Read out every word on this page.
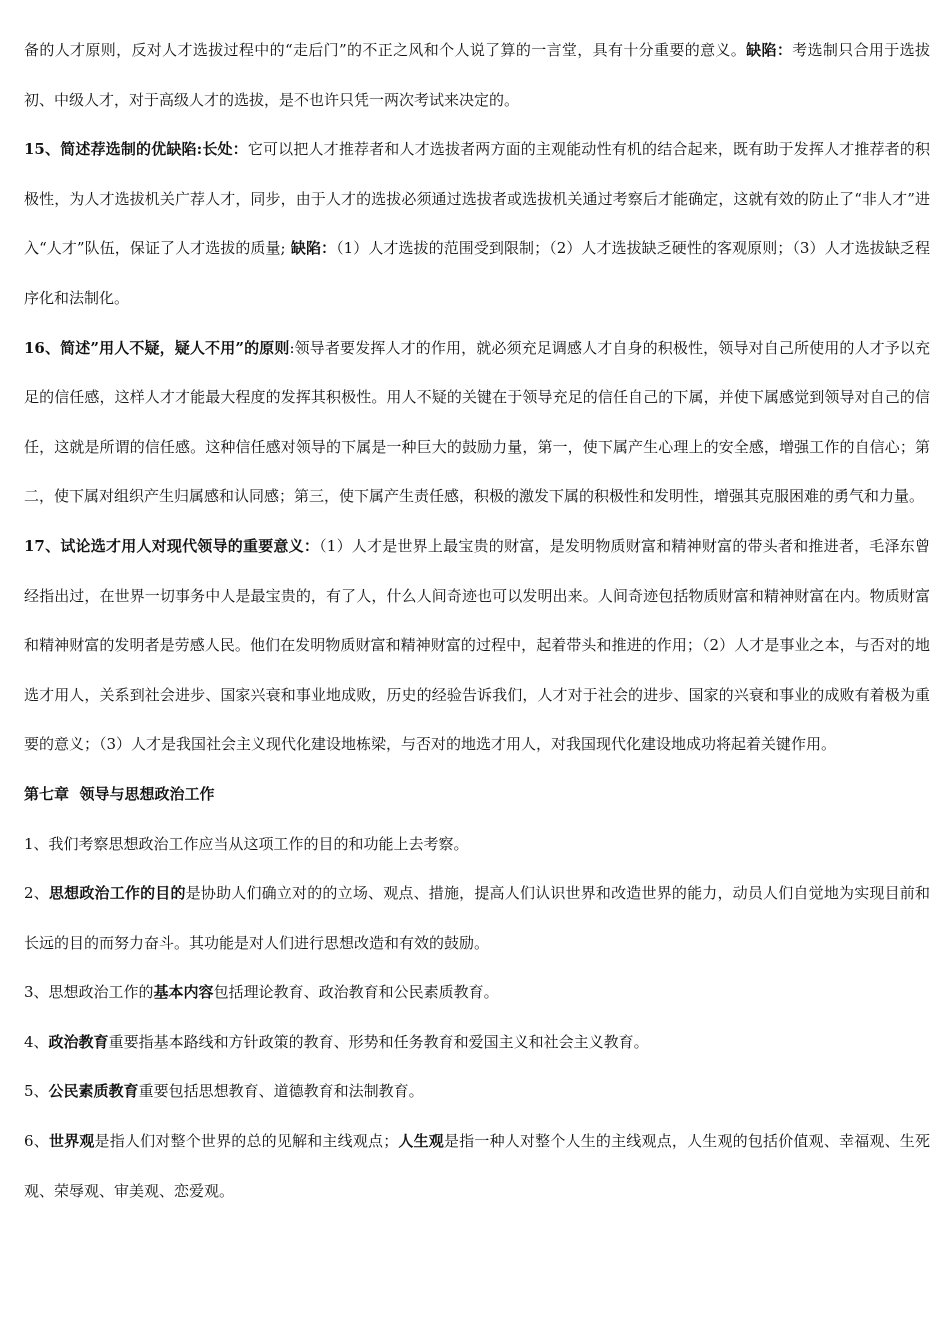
备的人才原则，反对人才选拔过程中的“走后门”的不正之风和个人说了算的一言堂，具有十分重要的意义。缺陷：考选制只合用于选拔初、中级人才，对于高级人才的选拔，是不也许只凭一两次考试来决定的。

15、简述荐选制的优缺陷:长处：它可以把人才推荐者和人才选拔者两方面的主观能动性有机的结合起来，既有助于发挥人才推荐者的积极性，为人才选拔机关广荐人才，同步，由于人才的选拔必须通过选拔者或选拔机关通过考察后才能确定，这就有效的防止了“非人才”进入“人才”队伍，保证了人才选拔的质量; 缺陷：（1）人才选拔的范围受到限制；（2）人才选拔缺乏硬性的客观原则；（3）人才选拔缺乏程序化和法制化。

16、简述”用人不疑，疑人不用”的原则:领导者要发挥人才的作用，就必须充足调感人才自身的积极性，领导对自己所使用的人才予以充足的信任感，这样人才才能最大程度的发挥其积极性。用人不疑的关键在于领导充足的信任自己的下属，并使下属感觉到领导对自己的信任，这就是所谓的信任感。这种信任感对领导的下属是一种巨大的鼓励力量，第一，使下属产生心理上的安全感，增强工作的自信心；第二，使下属对组织产生归属感和认同感；第三，使下属产生责任感，积极的激发下属的积极性和发明性，增强其克服困难的勇气和力量。

17、试论选才用人对现代领导的重要意义：（1）人才是世界上最宝贵的财富，是发明物质财富和精神财富的带头者和推进者，毛泽东曾经指出过，在世界一切事务中人是最宝贵的，有了人，什么人间奇迹也可以发明出来。人间奇迹包括物质财富和精神财富在内。物质财富和精神财富的发明者是劳感人民。他们在发明物质财富和精神财富的过程中，起着带头和推进的作用；（2）人才是事业之本，与否对的地选才用人，关系到社会进步、国家兴衰和事业地成败，历史的经验告诉我们，人才对于社会的进步、国家的兴衰和事业的成败有着极为重要的意义；（3）人才是我国社会主义现代化建设地栋梁，与否对的地选才用人，对我国现代化建设地成功将起着关键作用。

第七章  领导与思想政治工作

1、我们考察思想政治工作应当从这项工作的目的和功能上去考察。

2、思想政治工作的目的是协助人们确立对的的立场、观点、措施，提高人们认识世界和改造世界的能力，动员人们自觉地为实现目前和长远的目的而努力奋斗。其功能是对人们进行思想改造和有效的鼓励。

3、思想政治工作的基本内容包括理论教育、政治教育和公民素质教育。

4、政治教育重要指基本路线和方针政策的教育、形势和任务教育和爱国主义和社会主义教育。

5、公民素质教育重要包括思想教育、道德教育和法制教育。

6、世界观是指人们对整个世界的总的见解和主线观点；人生观是指一种人对整个人生的主线观点，人生观的包括价值观、幸福观、生死观、荣辱观、审美观、恋爱观。
